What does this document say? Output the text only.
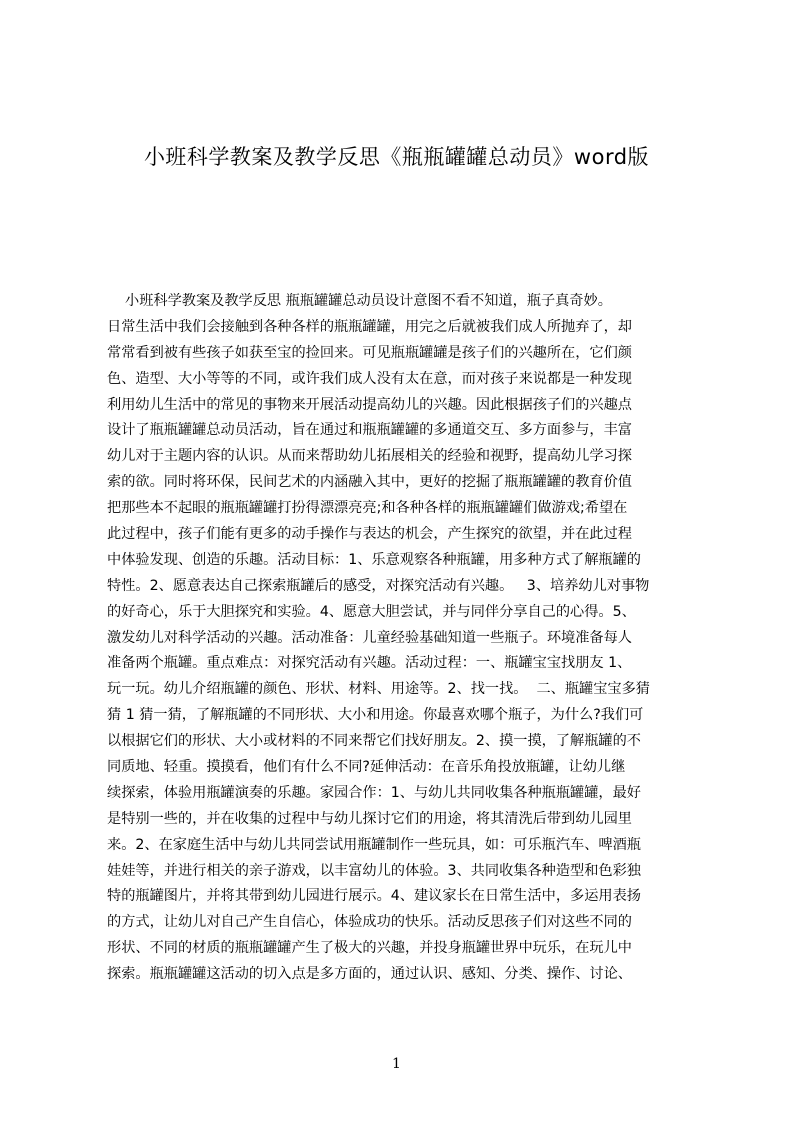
小班科学教案及教学反思《瓶瓶罐罐总动员》word版
小班科学教案及教学反思 瓶瓶罐罐总动员设计意图不看不知道，瓶子真奇妙。
日常生活中我们会接触到各种各样的瓶瓶罐罐，用完之后就被我们成人所抛弃了，却
常常看到被有些孩子如获至宝的捡回来。可见瓶瓶罐罐是孩子们的兴趣所在，它们颜
色、造型、大小等等的不同，或许我们成人没有太在意，而对孩子来说都是一种发现
利用幼儿生活中的常见的事物来开展活动提高幼儿的兴趣。因此根据孩子们的兴趣点
设计了瓶瓶罐罐总动员活动，旨在通过和瓶瓶罐罐的多通道交互、多方面参与，丰富
幼儿对于主题内容的认识。从而来帮助幼儿拓展相关的经验和视野，提高幼儿学习探
索的欲。同时将环保，民间艺术的内涵融入其中，更好的挖掘了瓶瓶罐罐的教育价值
把那些本不起眼的瓶瓶罐罐打扮得漂漂亮亮;和各种各样的瓶瓶罐罐们做游戏;希望在
此过程中，孩子们能有更多的动手操作与表达的机会，产生探究的欲望，并在此过程
中体验发现、创造的乐趣。活动目标：1、乐意观察各种瓶罐，用多种方式了解瓶罐的
特性。2、愿意表达自己探索瓶罐后的感受，对探究活动有兴趣。   3、培养幼儿对事物
的好奇心，乐于大胆探究和实验。4、愿意大胆尝试，并与同伴分享自己的心得。5、
激发幼儿对科学活动的兴趣。活动准备：儿童经验基础知道一些瓶子。环境准备每人
准备两个瓶罐。重点难点：对探究活动有兴趣。活动过程：一、瓶罐宝宝找朋友 1、
玩一玩。幼儿介绍瓶罐的颜色、形状、材料、用途等。2、找一找。  二、瓶罐宝宝多猜
猜 1 猜一猜，了解瓶罐的不同形状、大小和用途。你最喜欢哪个瓶子，为什么?我们可
以根据它们的形状、大小或材料的不同来帮它们找好朋友。2、摸一摸，了解瓶罐的不
同质地、轻重。摸摸看，他们有什么不同?延伸活动：在音乐角投放瓶罐，让幼儿继
续探索，体验用瓶罐演奏的乐趣。家园合作：1、与幼儿共同收集各种瓶瓶罐罐，最好
是特别一些的，并在收集的过程中与幼儿探讨它们的用途，将其清洗后带到幼儿园里
来。2、在家庭生活中与幼儿共同尝试用瓶罐制作一些玩具，如：可乐瓶汽车、啤酒瓶
娃娃等，并进行相关的亲子游戏，以丰富幼儿的体验。3、共同收集各种造型和色彩独
特的瓶罐图片，并将其带到幼儿园进行展示。4、建议家长在日常生活中，多运用表扬
的方式，让幼儿对自己产生自信心，体验成功的快乐。活动反思孩子们对这些不同的
形状、不同的材质的瓶瓶罐罐产生了极大的兴趣，并投身瓶罐世界中玩乐，在玩儿中
探索。瓶瓶罐罐这活动的切入点是多方面的，通过认识、感知、分类、操作、讨论、
1
